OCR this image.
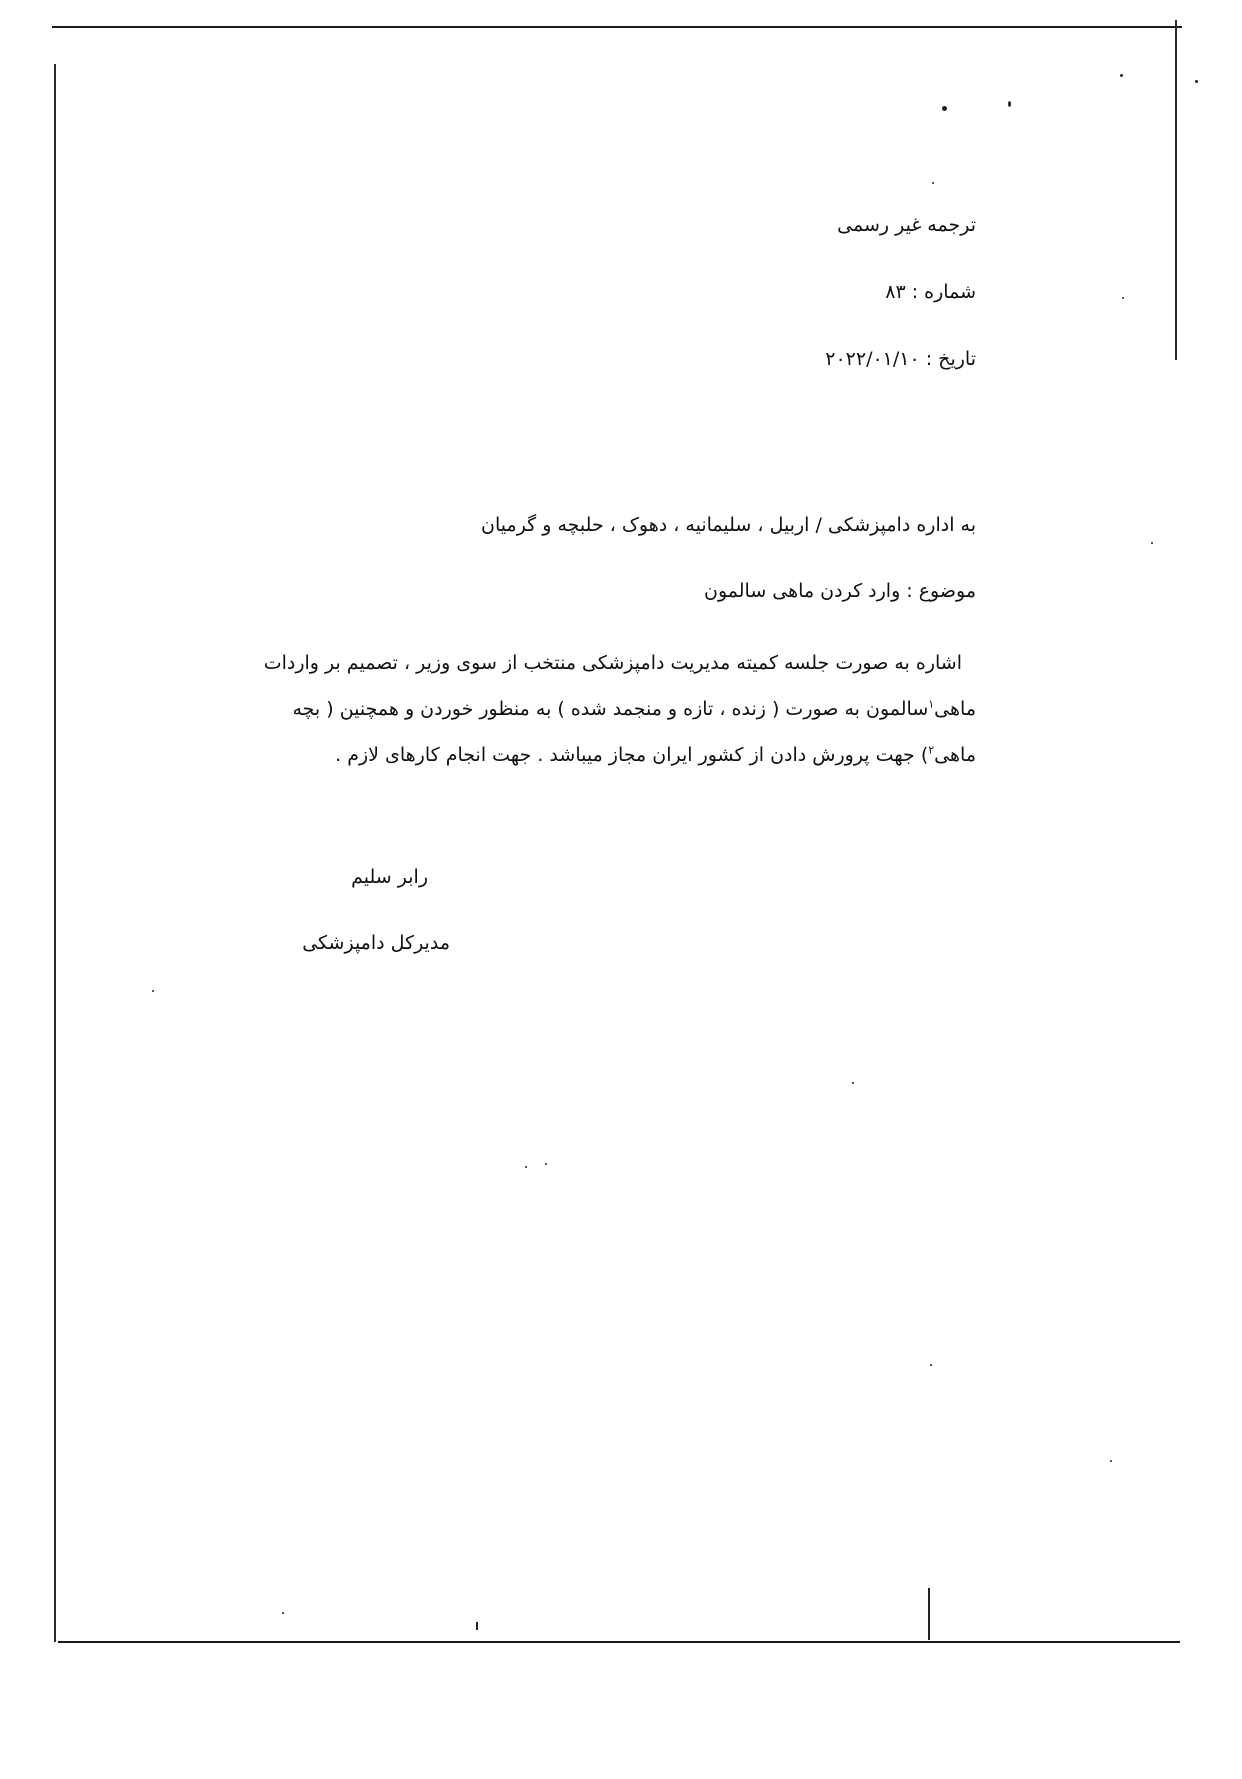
ترجمه غیر رسمی
شماره : ۸۳
تاریخ : ۲۰۲۲/۰۱/۱۰
به اداره دامپزشکی / اربیل ، سلیمانیه ، دهوک ، حلبچه و گرمیان
موضوع : وارد کردن ماهی سالمون
اشاره به صورت جلسه کمیته مدیریت دامپزشکی منتخب از سوی وزیر ، تصمیم بر واردات
ماهی$^۱$سالمون به صورت ( زنده ، تازه و منجمد شده ) به منظور خوردن و همچنین ( بچه
ماهی$^۲$) جهت پرورش دادن از کشور ایران مجاز میباشد . جهت انجام کارهای لازم .
رابر سلیم
مدیرکل دامپزشکی
